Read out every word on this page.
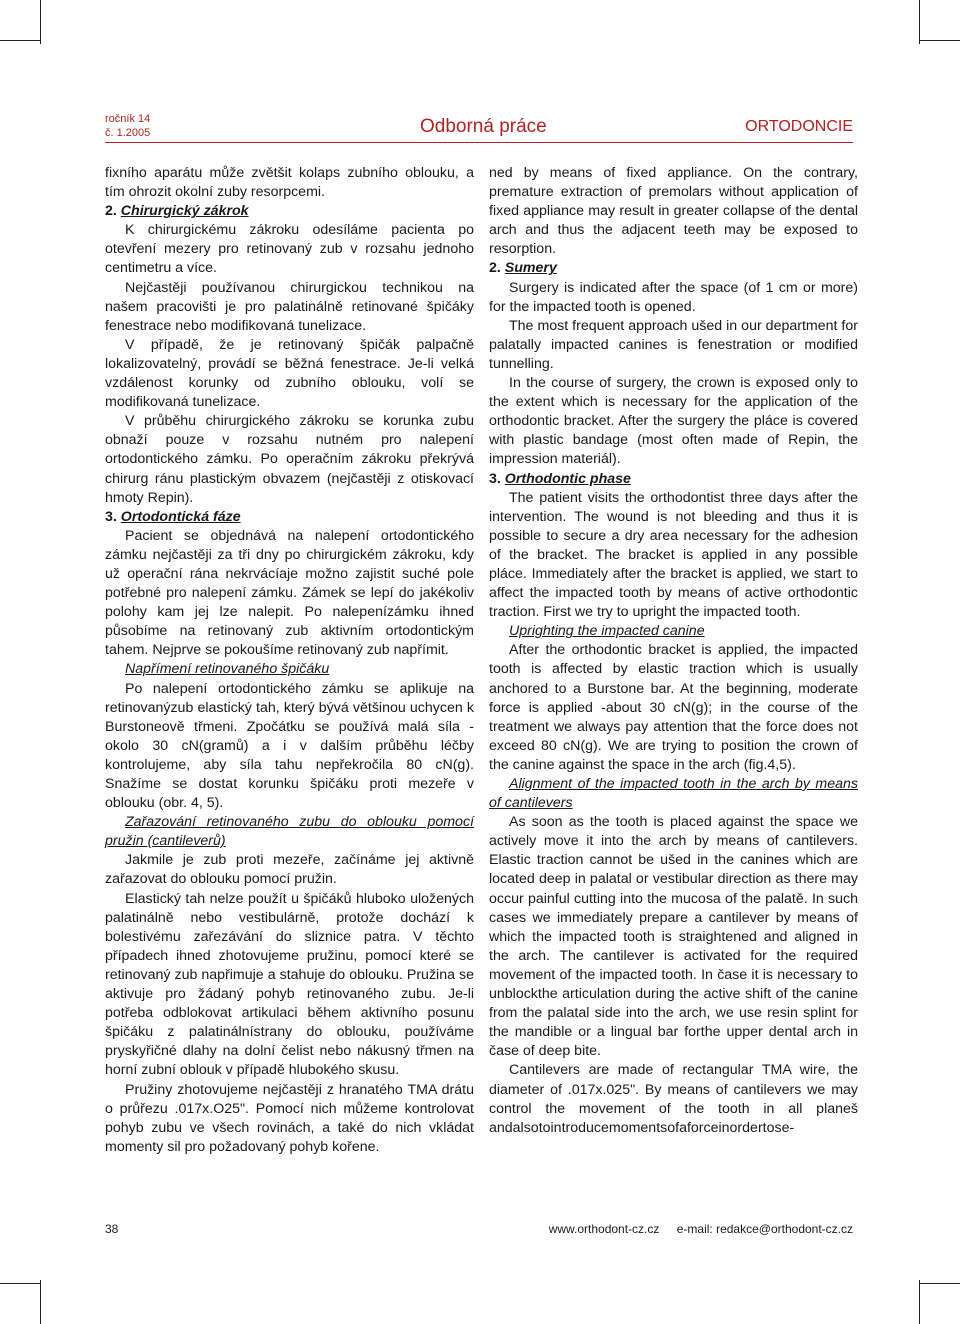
ročník 14
č. 1.2005	Odborná práce	ORTODONCIE

fixního aparátu může zvětšit kolaps zubního oblouku, a tím ohrozit okolní zuby resorpcemi.

2. Chirurgický zákrok

K chirurgickému zákroku odesíláme pacienta po otevření mezery pro retinovaný zub v rozsahu jednoho centimetru a více.

Nejčastěji používanou chirurgickou technikou na našem pracovišti je pro palatinálně retinované špičáky fenestrace nebo modifikovaná tunelizace.

V případě, že je retinovaný špičák palpačně lokalizovatelný, provádí se běžná fenestrace. Je-li velká vzdálenost korunky od zubního oblouku, volí se modifikovaná tunelizace.

V průběhu chirurgického zákroku se korunka zubu obnaží pouze v rozsahu nutném pro nalepení ortodontického zámku. Po operačním zákroku překrývá chirurg ránu plastickým obvazem (nejčastěji z otiskovací hmoty Repin).

3. Ortodontická fáze

Pacient se objednává na nalepení ortodontického zámku nejčastěji za tři dny po chirurgickém zákroku, kdy už operační rána nekrvácíaje možno zajistit suché pole potřebné pro nalepení zámku. Zámek se lepí do jakékoliv polohy kam jej lze nalepit. Po nalepenízámku ihned působíme na retinovaný zub aktivním ortodontickým tahem. Nejprve se pokoušíme retinovaný zub napřímit.

Napřímení retinovaného špičáku

Po nalepení ortodontického zámku se aplikuje na retinovanýzub elastický tah, který bývá většinou uchycen k Burstoneově třmeni. Zpočátku se používá malá síla - okolo 30 cN(gramů) a i v dalším průběhu léčby kontrolujeme, aby síla tahu nepřekročila 80 cN(g). Snažíme se dostat korunku špičáku proti mezeře v oblouku (obr. 4, 5).

Zařazování retinovaného zubu do oblouku pomocí pružin (cantileverů)

Jakmile je zub proti mezeře, začínáme jej aktivně zařazovat do oblouku pomocí pružin.

Elastický tah nelze použít u špičáků hluboko uložených palatinálně nebo vestibulárně, protože dochází k bolestivému zařezávání do sliznice patra. V těchto případech ihned zhotovujeme pružinu, pomocí které se retinovaný zub napřimuje a stahuje do oblouku. Pružina se aktivuje pro žádaný pohyb retinovaného zubu. Je-li potřeba odblokovat artikulaci během aktivního posunu špičáku z palatinálnístrany do oblouku, používáme pryskyřičné dlahy na dolní čelist nebo nákusný třmen na horní zubní oblouk v případě hlubokého skusu.

Pružiny zhotovujeme nejčastěji z hranatého TMA drátu o průřezu .017x.O25". Pomocí nich můžeme kontrolovat pohyb zubu ve všech rovinách, a také do nich vkládat momenty sil pro požadovaný pohyb kořene.

ned by means of fixed appliance. On the contrary, premature extraction of premolars without application of fixed appliance may result in greater collapse of the dental arch and thus the adjacent teeth may be exposed to resorption.

2. Sumery

Surgery is indicated after the space (of 1 cm or more) for the impacted tooth is opened.

The most frequent approach ušed in our department for palatally impacted canines is fenestration or modified tunnelling.

In the course of surgery, the crown is exposed only to the extent which is necessary for the application of the orthodontic bracket. After the surgery the pláce is covered with plastic bandage (most often made of Repin, the impression materiál).

3. Orthodontic phase

The patient visits the orthodontist three days after the intervention. The wound is not bleeding and thus it is possible to secure a dry area necessary for the adhesion of the bracket. The bracket is applied in any possible pláce. Immediately after the bracket is applied, we start to affect the impacted tooth by means of active orthodontic traction. First we try to upright the impacted tooth.

Uprighting the impacted canine

After the orthodontic bracket is applied, the impacted tooth is affected by elastic traction which is usually anchored to a Burstone bar. At the beginning, moderate force is applied -about 30 cN(g); in the course of the treatment we always pay attention that the force does not exceed 80 cN(g). We are trying to position the crown of the canine against the space in the arch (fig.4,5).

Alignment of the impacted tooth in the arch by means of cantilevers

As soon as the tooth is placed against the space we actively move it into the arch by means of cantilevers. Elastic traction cannot be ušed in the canines which are located deep in palatal or vestibular direction as there may occur painful cutting into the mucosa of the palatě. In such cases we immediately prepare a cantilever by means of which the impacted tooth is straightened and aligned in the arch. The cantilever is activated for the required movement of the impacted tooth. In čase it is necessary to unblockthe articulation during the active shift of the canine from the palatal side into the arch, we use resin splint for the mandible or a lingual bar forthe upper dental arch in čase of deep bite.

Cantilevers are made of rectangular TMA wire, the diameter of .017x.025". By means of cantilevers we may control the movement of the tooth in all planeš andalsotointroducemomentsofaforceinordertose-

38	www.orthodont-cz.cz e-mail: redakce@orthodont-cz.cz
